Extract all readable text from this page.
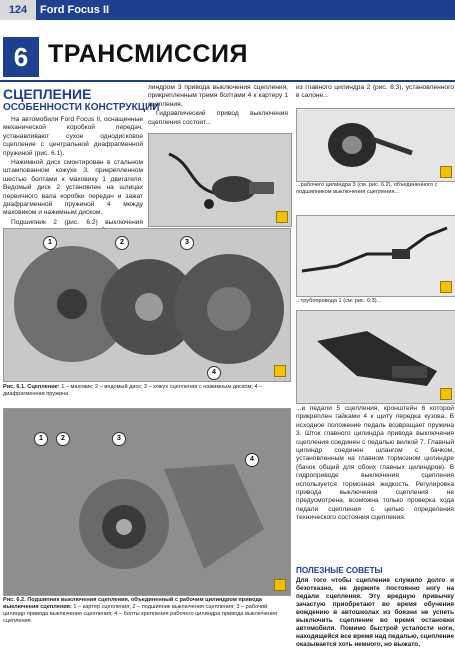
124	Ford Focus II
6 ТРАНСМИССИЯ
СЦЕПЛЕНИЕ
ОСОБЕННОСТИ КОНСТРУКЦИИ

На автомобили Ford Focus II, оснащенные механической коробкой передач, устанавливают сухое однодисковое сцепление с центральной диафрагменной пружиной (рис. 6.1).

Нажимной диск смонтирован в стальном штампованном кожухе 3, прикрепленном шестью болтами к маховику 1 двигателя. Ведомый диск 2 установлен на шлицах первичного вала коробки передач и зажат диафрагменной пружиной 4 между маховиком и нажимным диском.

Подшипник 2 (рис. 6.2) выключения

линдром 3 привода выключения сцепления, прикрепленным тремя болтами 4 к картеру 1 сцепления.

Гидравлический привод выключения сцепления состоит...

из главного цилиндра 2 (рис. 6.3), установленного в салоне...

...рабочего цилиндра 3 (см. рис. 6.2), объединенного с подшипником выключения сцепления...
...трубопровода 1 (см. рис. 6.3)...
1	2	3
4
Рис. 6.1. Сцепление: 1 – маховик; 2 – ведомый диск; 3 – кожух сцепления с нажимным диском; 4 – диафрагменная пружина
1	2	3
4
Рис. 6.2. Подшипник выключения сцепления, объединенный с рабочим цилиндром привода выключения сцепления: 1 – картер сцепления; 2 – подшипник выключения сцепления; 3 – рабочий цилиндр привода выключения сцепления; 4 – болты крепления рабочего цилиндра привода выключения сцепления

...и педали 5 сцепления, кронштейн 6 которой прикреплен гайками 4 к щиту передка кузова. В исходное положение педаль возвращает пружина 3. Шток главного цилиндра привода выключения сцепления соединен с педалью вилкой 7. Главный цилиндр соединен шлангом с бачком, установленным на главном тормозном цилиндре (бачок общий для обоих главных цилиндров). В гидроприводе выключения сцепления используется тормозная жидкость. Регулировка привода выключения сцепления не предусмотрена, возможна только проверка хода педали сцепления с целью определения технического состояния сцепления.

ПОЛЕЗНЫЕ СОВЕТЫ
Для того чтобы сцепление служило долго и безотказно, не держите постоянно ногу на педали сцепления. Эту вредную привычку зачастую приобретают во время обучения вождению в автошколах из боязни не успеть выключить сцепление во время остановки автомобиля. Помимо быстрой усталости ноги, находящейся все время над педалью, сцепление оказывается хоть немного, но выжато,
